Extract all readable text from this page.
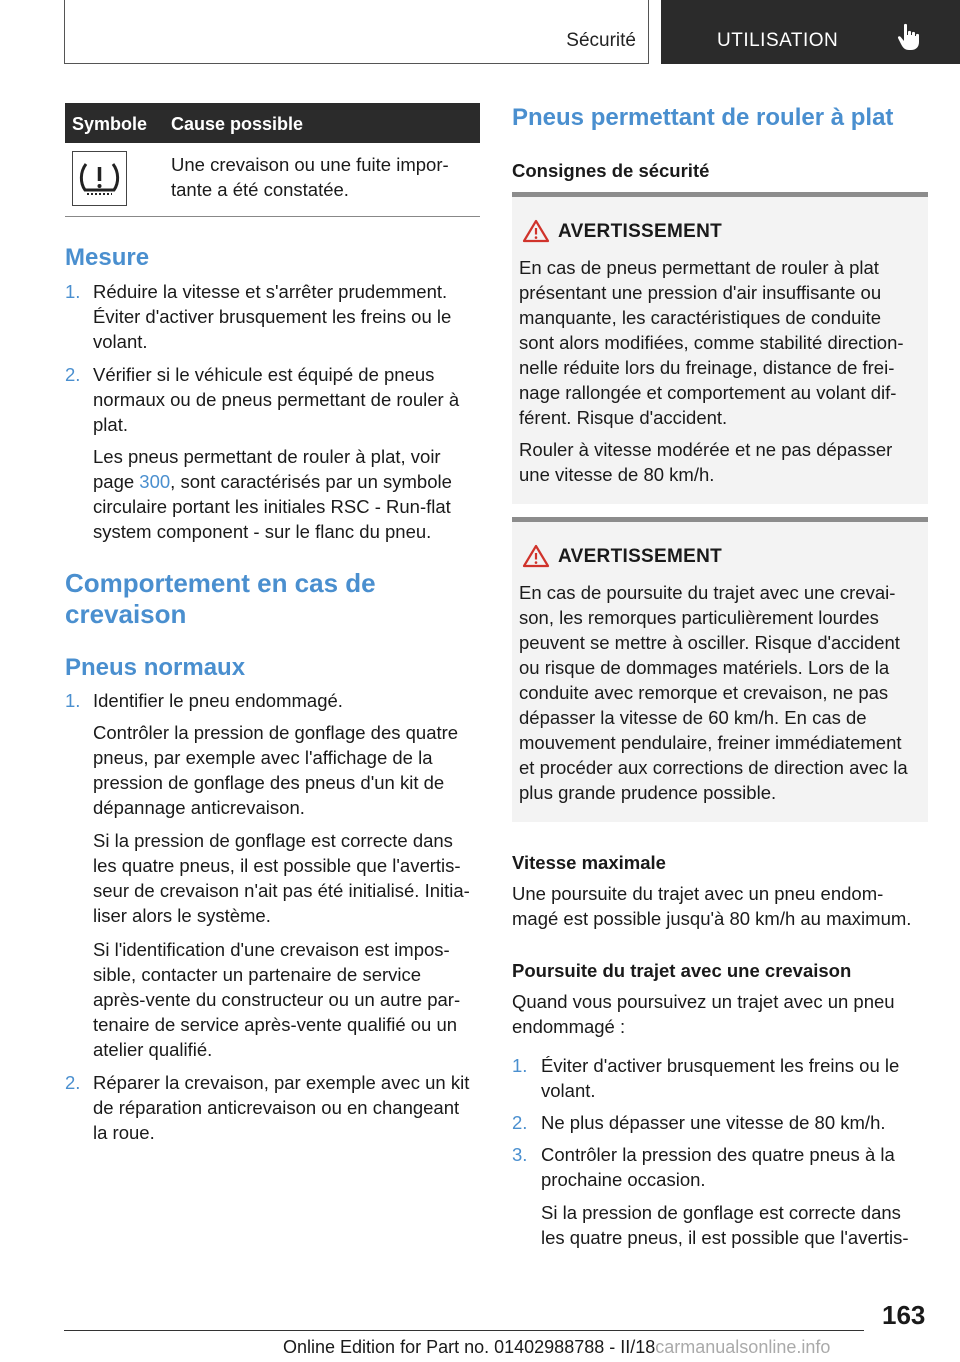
Sécurité	UTILISATION
Symbole Cause possible
Une crevaison ou une fuite impor-
tante a été constatée.
Mesure
1. Réduire la vitesse et s'arrêter prudemment.
Éviter d'activer brusquement les freins ou le
volant.
2. Vérifier si le véhicule est équipé de pneus
normaux ou de pneus permettant de rouler à
plat.
Les pneus permettant de rouler à plat, voir
page 300, sont caractérisés par un symbole
circulaire portant les initiales RSC - Run-flat
system component - sur le flanc du pneu.
Comportement en cas de
crevaison
Pneus normaux
1. Identifier le pneu endommagé.
Contrôler la pression de gonflage des quatre
pneus, par exemple avec l'affichage de la
pression de gonflage des pneus d'un kit de
dépannage anticrevaison.
Si la pression de gonflage est correcte dans
les quatre pneus, il est possible que l'avertis-
seur de crevaison n'ait pas été initialisé. Initia-
liser alors le système.
Si l'identification d'une crevaison est impos-
sible, contacter un partenaire de service
après-vente du constructeur ou un autre par-
tenaire de service après-vente qualifié ou un
atelier qualifié.
2. Réparer la crevaison, par exemple avec un kit
de réparation anticrevaison ou en changeant
la roue.
Pneus permettant de rouler à plat
Consignes de sécurité
AVERTISSEMENT
En cas de pneus permettant de rouler à plat
présentant une pression d'air insuffisante ou
manquante, les caractéristiques de conduite
sont alors modifiées, comme stabilité direction-
nelle réduite lors du freinage, distance de frei-
nage rallongée et comportement au volant dif-
férent. Risque d'accident.
Rouler à vitesse modérée et ne pas dépasser
une vitesse de 80 km/h.
AVERTISSEMENT
En cas de poursuite du trajet avec une crevai-
son, les remorques particulièrement lourdes
peuvent se mettre à osciller. Risque d'accident
ou risque de dommages matériels. Lors de la
conduite avec remorque et crevaison, ne pas
dépasser la vitesse de 60 km/h. En cas de
mouvement pendulaire, freiner immédiatement
et procéder aux corrections de direction avec la
plus grande prudence possible.
Vitesse maximale
Une poursuite du trajet avec un pneu endom-
magé est possible jusqu'à 80 km/h au maximum.
Poursuite du trajet avec une crevaison
Quand vous poursuivez un trajet avec un pneu
endommagé :
1. Éviter d'activer brusquement les freins ou le
volant.
2. Ne plus dépasser une vitesse de 80 km/h.
3. Contrôler la pression des quatre pneus à la
prochaine occasion.
Si la pression de gonflage est correcte dans
les quatre pneus, il est possible que l'avertis-
163
Online Edition for Part no. 01402988788 - II/18carmanualsonline.info
